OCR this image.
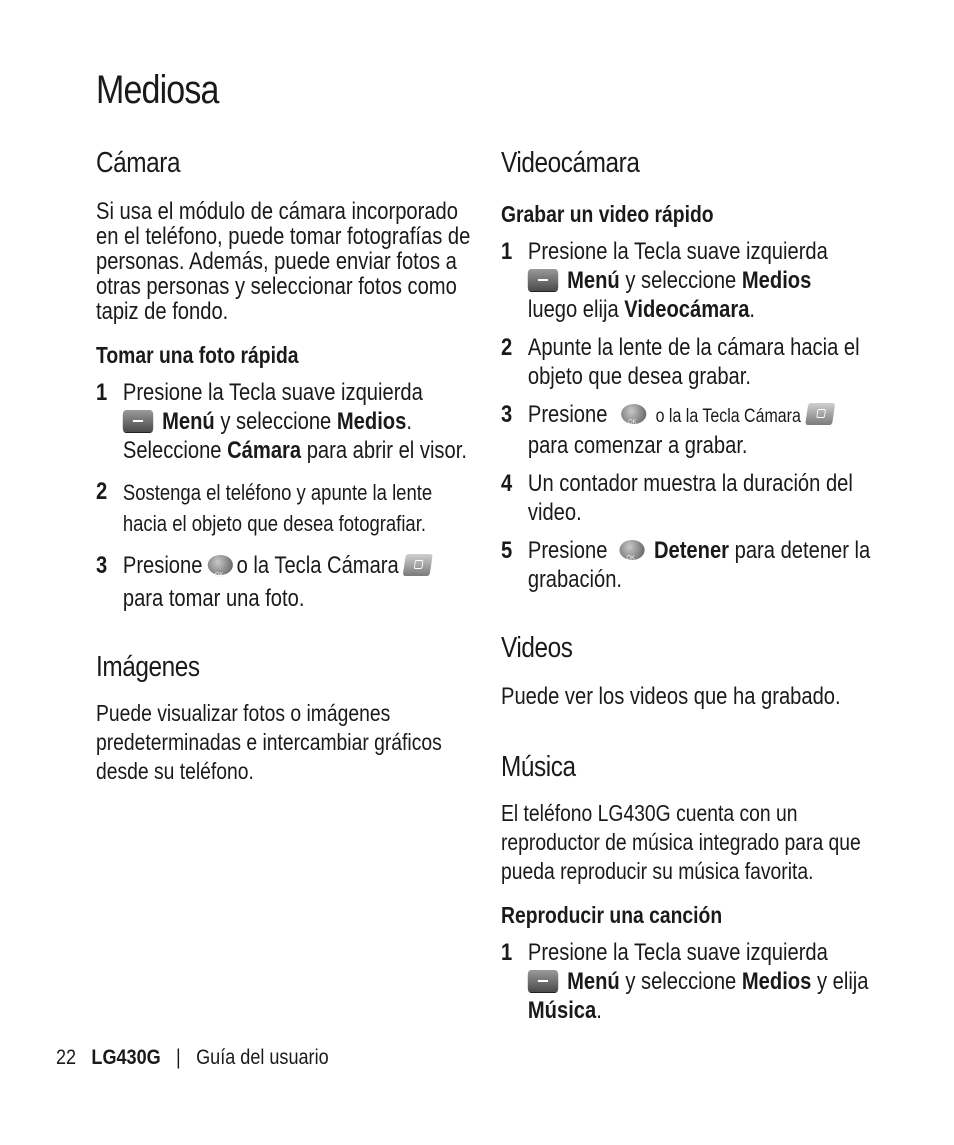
Mediosa
Cámara

Si usa el módulo de cámara incorporado en el teléfono, puede tomar fotografías de personas. Además, puede enviar fotos a otras personas y seleccionar fotos como tapiz de fondo.

Tomar una foto rápida
1 Presione la Tecla suave izquierda
Menú y seleccione Medios. Seleccione Cámara para abrir el visor.
2 Sostenga el teléfono y apunte la lente hacia el objeto que desea fotografiar.
3 Presione OK o la Tecla Cámara
para tomar una foto.
Imágenes

Puede visualizar fotos o imágenes predeterminadas e intercambiar gráficos desde su teléfono.

Videocámara
Grabar un video rápido
1 Presione la Tecla suave izquierda
Menú y seleccione Medios
luego elija Videocámara.
2 Apunte la lente de la cámara hacia el objeto que desea grabar.
3 Presione OK	o la la Tecla Cámara
para comenzar a grabar.
4 Un contador muestra la duración del video.
5 Presione OK Detener para detener la grabación.
Videos

Puede ver los videos que ha grabado.

Música

El teléfono LG430G cuenta con un reproductor de música integrado para que pueda reproducir su música favorita.

Reproducir una canción
1 Presione la Tecla suave izquierda
Menú y seleccione Medios y elija Música.
22 LG430G | Guía del usuario
